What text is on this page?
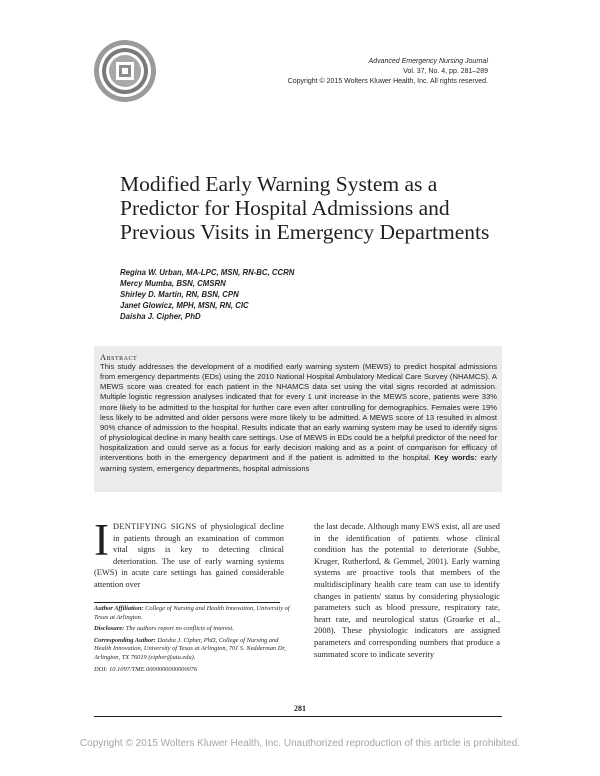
Advanced Emergency Nursing Journal
Vol. 37, No. 4, pp. 281–289
Copyright © 2015 Wolters Kluwer Health, Inc. All rights reserved.
Modified Early Warning System as a Predictor for Hospital Admissions and Previous Visits in Emergency Departments
Regina W. Urban, MA-LPC, MSN, RN-BC, CCRN
Mercy Mumba, BSN, CMSRN
Shirley D. Martin, RN, BSN, CPN
Janet Glowicz, MPH, MSN, RN, CIC
Daisha J. Cipher, PhD
Abstract
This study addresses the development of a modified early warning system (MEWS) to predict hospital admissions from emergency departments (EDs) using the 2010 National Hospital Ambulatory Medical Care Survey (NHAMCS). A MEWS score was created for each patient in the NHAMCS data set using the vital signs recorded at admission. Multiple logistic regression analyses indicated that for every 1 unit increase in the MEWS score, patients were 33% more likely to be admitted to the hospital for further care even after controlling for demographics. Females were 19% less likely to be admitted and older persons were more likely to be admitted. A MEWS score of 13 resulted in almost 90% chance of admission to the hospital. Results indicate that an early warning system may be used to identify signs of physiological decline in many health care settings. Use of MEWS in EDs could be a helpful predictor of the need for hospitalization and could serve as a focus for early decision making and as a point of comparison for efficacy of interventions both in the emergency department and if the patient is admitted to the hospital. Key words: early warning system, emergency departments, hospital admissions
IDENTIFYING SIGNS of physiological decline in patients through an examination of common vital signs is key to detecting clinical deterioration. The use of early warning systems (EWS) in acute care settings has gained considerable attention over
the last decade. Although many EWS exist, all are used in the identification of patients whose clinical condition has the potential to deteriorate (Subbe, Kruger, Rutherford, & Gemmel, 2001). Early warning systems are proactive tools that members of the multidisciplinary health care team can use to identify changes in patients' status by considering physiologic parameters such as blood pressure, respiratory rate, heart rate, and neurological status (Groarke et al., 2008). These physiologic indicators are assigned parameters and corresponding numbers that produce a summated score to indicate severity

Author Affiliation: College of Nursing and Health Innovation, University of Texas at Arlington.

Disclosure: The authors report no conflicts of interest.

Corresponding Author: Daisha J. Cipher, PhD, College of Nursing and Health Innovation, University of Texas at Arlington, 701 S. Nedderman Dr, Arlington, TX 76019 (cipher@uta.edu).

DOI: 10.1097/TME.0000000000000076

281
Copyright © 2015 Wolters Kluwer Health, Inc. Unauthorized reproduction of this article is prohibited.
